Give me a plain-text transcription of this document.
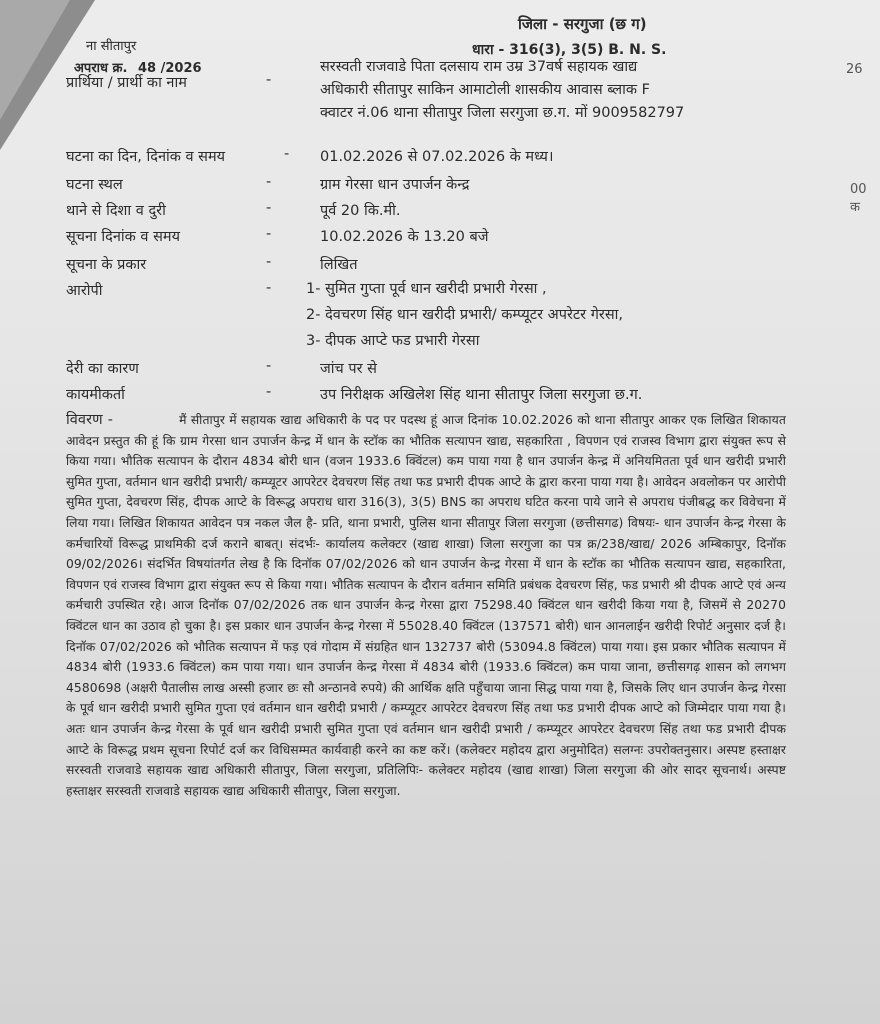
ना सीतापुर
अपराध क्र. 48 /2026
जिला - सरगुजा (छ ग)
धारा - 316(3), 3(5) B. N. S.
26
00 क
प्रार्थिया / प्रार्थी का नाम	-
सरस्वती राजवाडे पिता दलसाय राम उम्र 37वर्ष सहायक खाद्य
अधिकारी सीतापुर साकिन आमाटोली शासकीय आवास ब्लाक F
क्वाटर नं.06 थाना सीतापुर जिला सरगुजा छ.ग. मों 9009582797
घटना का दिन, दिनांक व समय	- 01.02.2026 से 07.02.2026 के मध्य।
घटना स्थल	-	ग्राम गेरसा धान उपार्जन केन्द्र
थाने से दिशा व दुरी	-	पूर्व 20 कि.मी.
सूचना दिनांक व समय	-	10.02.2026 के 13.20 बजे
सूचना के प्रकार	-	लिखित
आरोपी	- 1- सुमित गुप्ता पूर्व धान खरीदी प्रभारी गेरसा ,
2- देवचरण सिंह धान खरीदी प्रभारी/ कम्प्यूटर अपरेटर गेरसा,
3- दीपक आप्टे फड प्रभारी गेरसा
देरी का कारण	-	जांच पर से
कायमीकर्ता	-	उप निरीक्षक अखिलेश सिंह थाना सीतापुर जिला सरगुजा छ.ग.
विवरण -	मैं सीतापुर में सहायक खाद्य अधिकारी के पद पर पदस्थ हूं आज दिनांक 10.02.2026 को थाना सीतापुर आकर एक लिखित शिकायत आवेदन प्रस्तुत की हूं कि ग्राम गेरसा धान उपार्जन केन्द्र में धान के स्टॉक का भौतिक सत्यापन खाद्य, सहकारिता , विपणन एवं राजस्व विभाग द्वारा संयुक्त रूप से किया गया। भौतिक सत्यापन के दौरान 4834 बोरी धान (वजन 1933.6 क्विंटल) कम पाया गया है धान उपार्जन केन्द्र में अनियमितता पूर्व धान खरीदी प्रभारी सुमित गुप्ता, वर्तमान धान खरीदी प्रभारी/ कम्प्यूटर आपरेटर देवचरण सिंह तथा फड प्रभारी दीपक आप्टे के द्वारा करना पाया गया है। आवेदन अवलोकन पर आरोपी सुमित गुप्ता, देवचरण सिंह, दीपक आप्टे के विरूद्ध अपराध धारा 316(3), 3(5) BNS का अपराध घटित करना पाये जाने से अपराध पंजीबद्ध कर विवेचना में लिया गया। लिखित शिकायत आवेदन पत्र नकल जैल है- प्रति, थाना प्रभारी, पुलिस थाना सीतापुर जिला सरगुजा (छत्तीसगढ) विषयः- धान उपार्जन केन्द्र गेरसा के कर्मचारियों विरूद्ध प्राथमिकी दर्ज कराने बाबत्। संदर्भः- कार्यालय कलेक्टर (खाद्य शाखा) जिला सरगुजा का पत्र क्र/238/खाद्य/ 2026 अम्बिकापुर, दिनॉक 09/02/2026। संदर्भित विषयांतर्गत लेख है कि दिनॉक 07/02/2026 को धान उपार्जन केन्द्र गेरसा में धान के स्टॉक का भौतिक सत्यापन खाद्य, सहकारिता, विपणन एवं राजस्व विभाग द्वारा संयुक्त रूप से किया गया। भौतिक सत्यापन के दौरान वर्तमान समिति प्रबंधक देवचरण सिंह, फड प्रभारी श्री दीपक आप्टे एवं अन्य कर्मचारी उपस्थित रहे। आज दिनॉक 07/02/2026 तक धान उपार्जन केन्द्र गेरसा द्वारा 75298.40 क्विंटल धान खरीदी किया गया है, जिसमें से 20270 क्विंटल धान का उठाव हो चुका है। इस प्रकार धान उपार्जन केन्द्र गेरसा में 55028.40 क्विंटल (137571 बोरी) धान आनलाईन खरीदी रिपोर्ट अनुसार दर्ज है। दिनॉक 07/02/2026 को भौतिक सत्यापन में फड़ एवं गोदाम में संग्रहित धान 132737 बोरी (53094.8 क्विंटल) पाया गया। इस प्रकार भौतिक सत्यापन में 4834 बोरी (1933.6 क्विंटल) कम पाया गया। धान उपार्जन केन्द्र गेरसा में 4834 बोरी (1933.6 क्विंटल) कम पाया जाना, छत्तीसगढ़ शासन को लगभग 4580698 (अक्षरी पैतालीस लाख अस्सी हजार छः सौ अन्ठानवे रुपये) की आर्थिक क्षति पहुँचाया जाना सिद्ध पाया गया है, जिसके लिए धान उपार्जन केन्द्र गेरसा के पूर्व धान खरीदी प्रभारी सुमित गुप्ता एवं वर्तमान धान खरीदी प्रभारी / कम्प्यूटर आपरेटर देवचरण सिंह तथा फड प्रभारी दीपक आप्टे को जिम्मेदार पाया गया है। अतः धान उपार्जन केन्द्र गेरसा के पूर्व धान खरीदी प्रभारी सुमित गुप्ता एवं वर्तमान धान खरीदी प्रभारी / कम्प्यूटर आपरेटर देवचरण सिंह तथा फड प्रभारी दीपक आप्टे के विरूद्ध प्रथम सूचना रिपोर्ट दर्ज कर विधिसम्मत कार्यवाही करने का कष्ट करें। (कलेक्टर महोदय द्वारा अनुमोदित) सलग्नः उपरोक्तनुसार। अस्पष्ट हस्ताक्षर सरस्वती राजवाडे सहायक खाद्य अधिकारी सीतापुर, जिला सरगुजा, प्रतिलिपिः- कलेक्टर महोदय (खाद्य शाखा) जिला सरगुजा की ओर सादर सूचनार्थ। अस्पष्ट हस्ताक्षर सरस्वती राजवाडे सहायक खाद्य अधिकारी सीतापुर, जिला सरगुजा.
